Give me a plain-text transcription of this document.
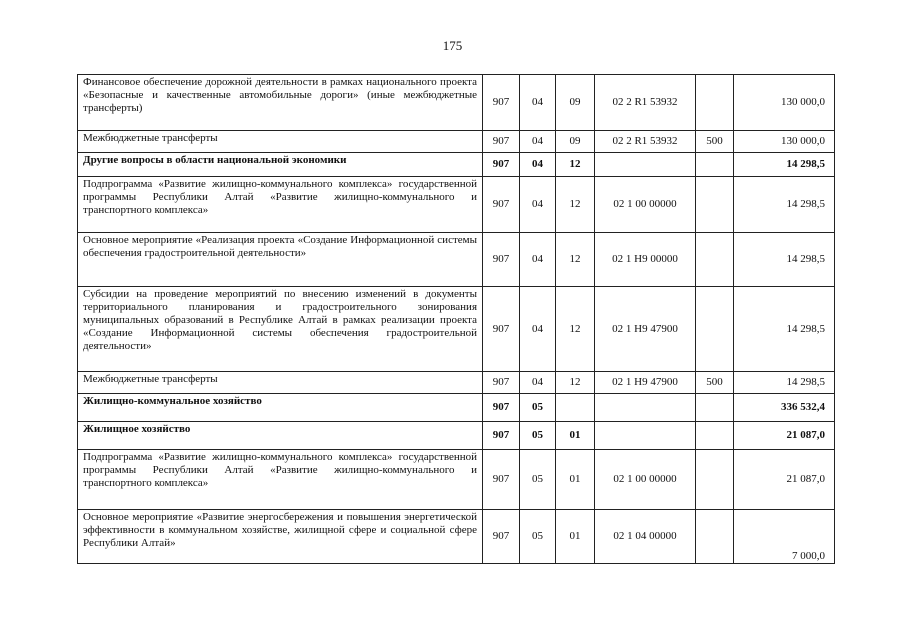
175
Финансовое обеспечение дорожной деятельности в рамках национального проекта «Безопасные и качественные автомобильные дороги» (иные межбюджетные трансферты)	907	04	09	02 2 R1 53932		130 000,0
Межбюджетные трансферты	907	04	09	02 2 R1 53932	500	130 000,0
Другие вопросы в области национальной экономики	907	04	12			14 298,5
Подпрограмма «Развитие жилищно-коммунального комплекса» государственной программы Республики Алтай «Развитие жилищно-коммунального и транспортного комплекса»	907	04	12	02 1 00 00000		14 298,5
Основное мероприятие «Реализация проекта «Создание Информационной системы обеспечения градостроительной деятельности»	907	04	12	02 1 Н9 00000		14 298,5
Субсидии на проведение мероприятий по внесению изменений в документы территориального планирования и градостроительного зонирования муниципальных образований в Республике Алтай в рамках реализации проекта «Создание Информационной системы обеспечения градостроительной деятельности»	907	04	12	02 1 Н9 47900		14 298,5
Межбюджетные трансферты	907	04	12	02 1 Н9 47900	500	14 298,5
Жилищно-коммунальное хозяйство	907	05				336 532,4
Жилищное хозяйство	907	05	01			21 087,0
Подпрограмма «Развитие жилищно-коммунального комплекса» государственной программы Республики Алтай «Развитие жилищно-коммунального и транспортного комплекса»	907	05	01	02 1 00 00000		21 087,0
Основное мероприятие «Развитие энергосбережения и повышения энергетической эффективности в коммунальном хозяйстве, жилищной сфере и социальной сфере Республики Алтай»	907	05	01	02 1 04 00000		7 000,0
